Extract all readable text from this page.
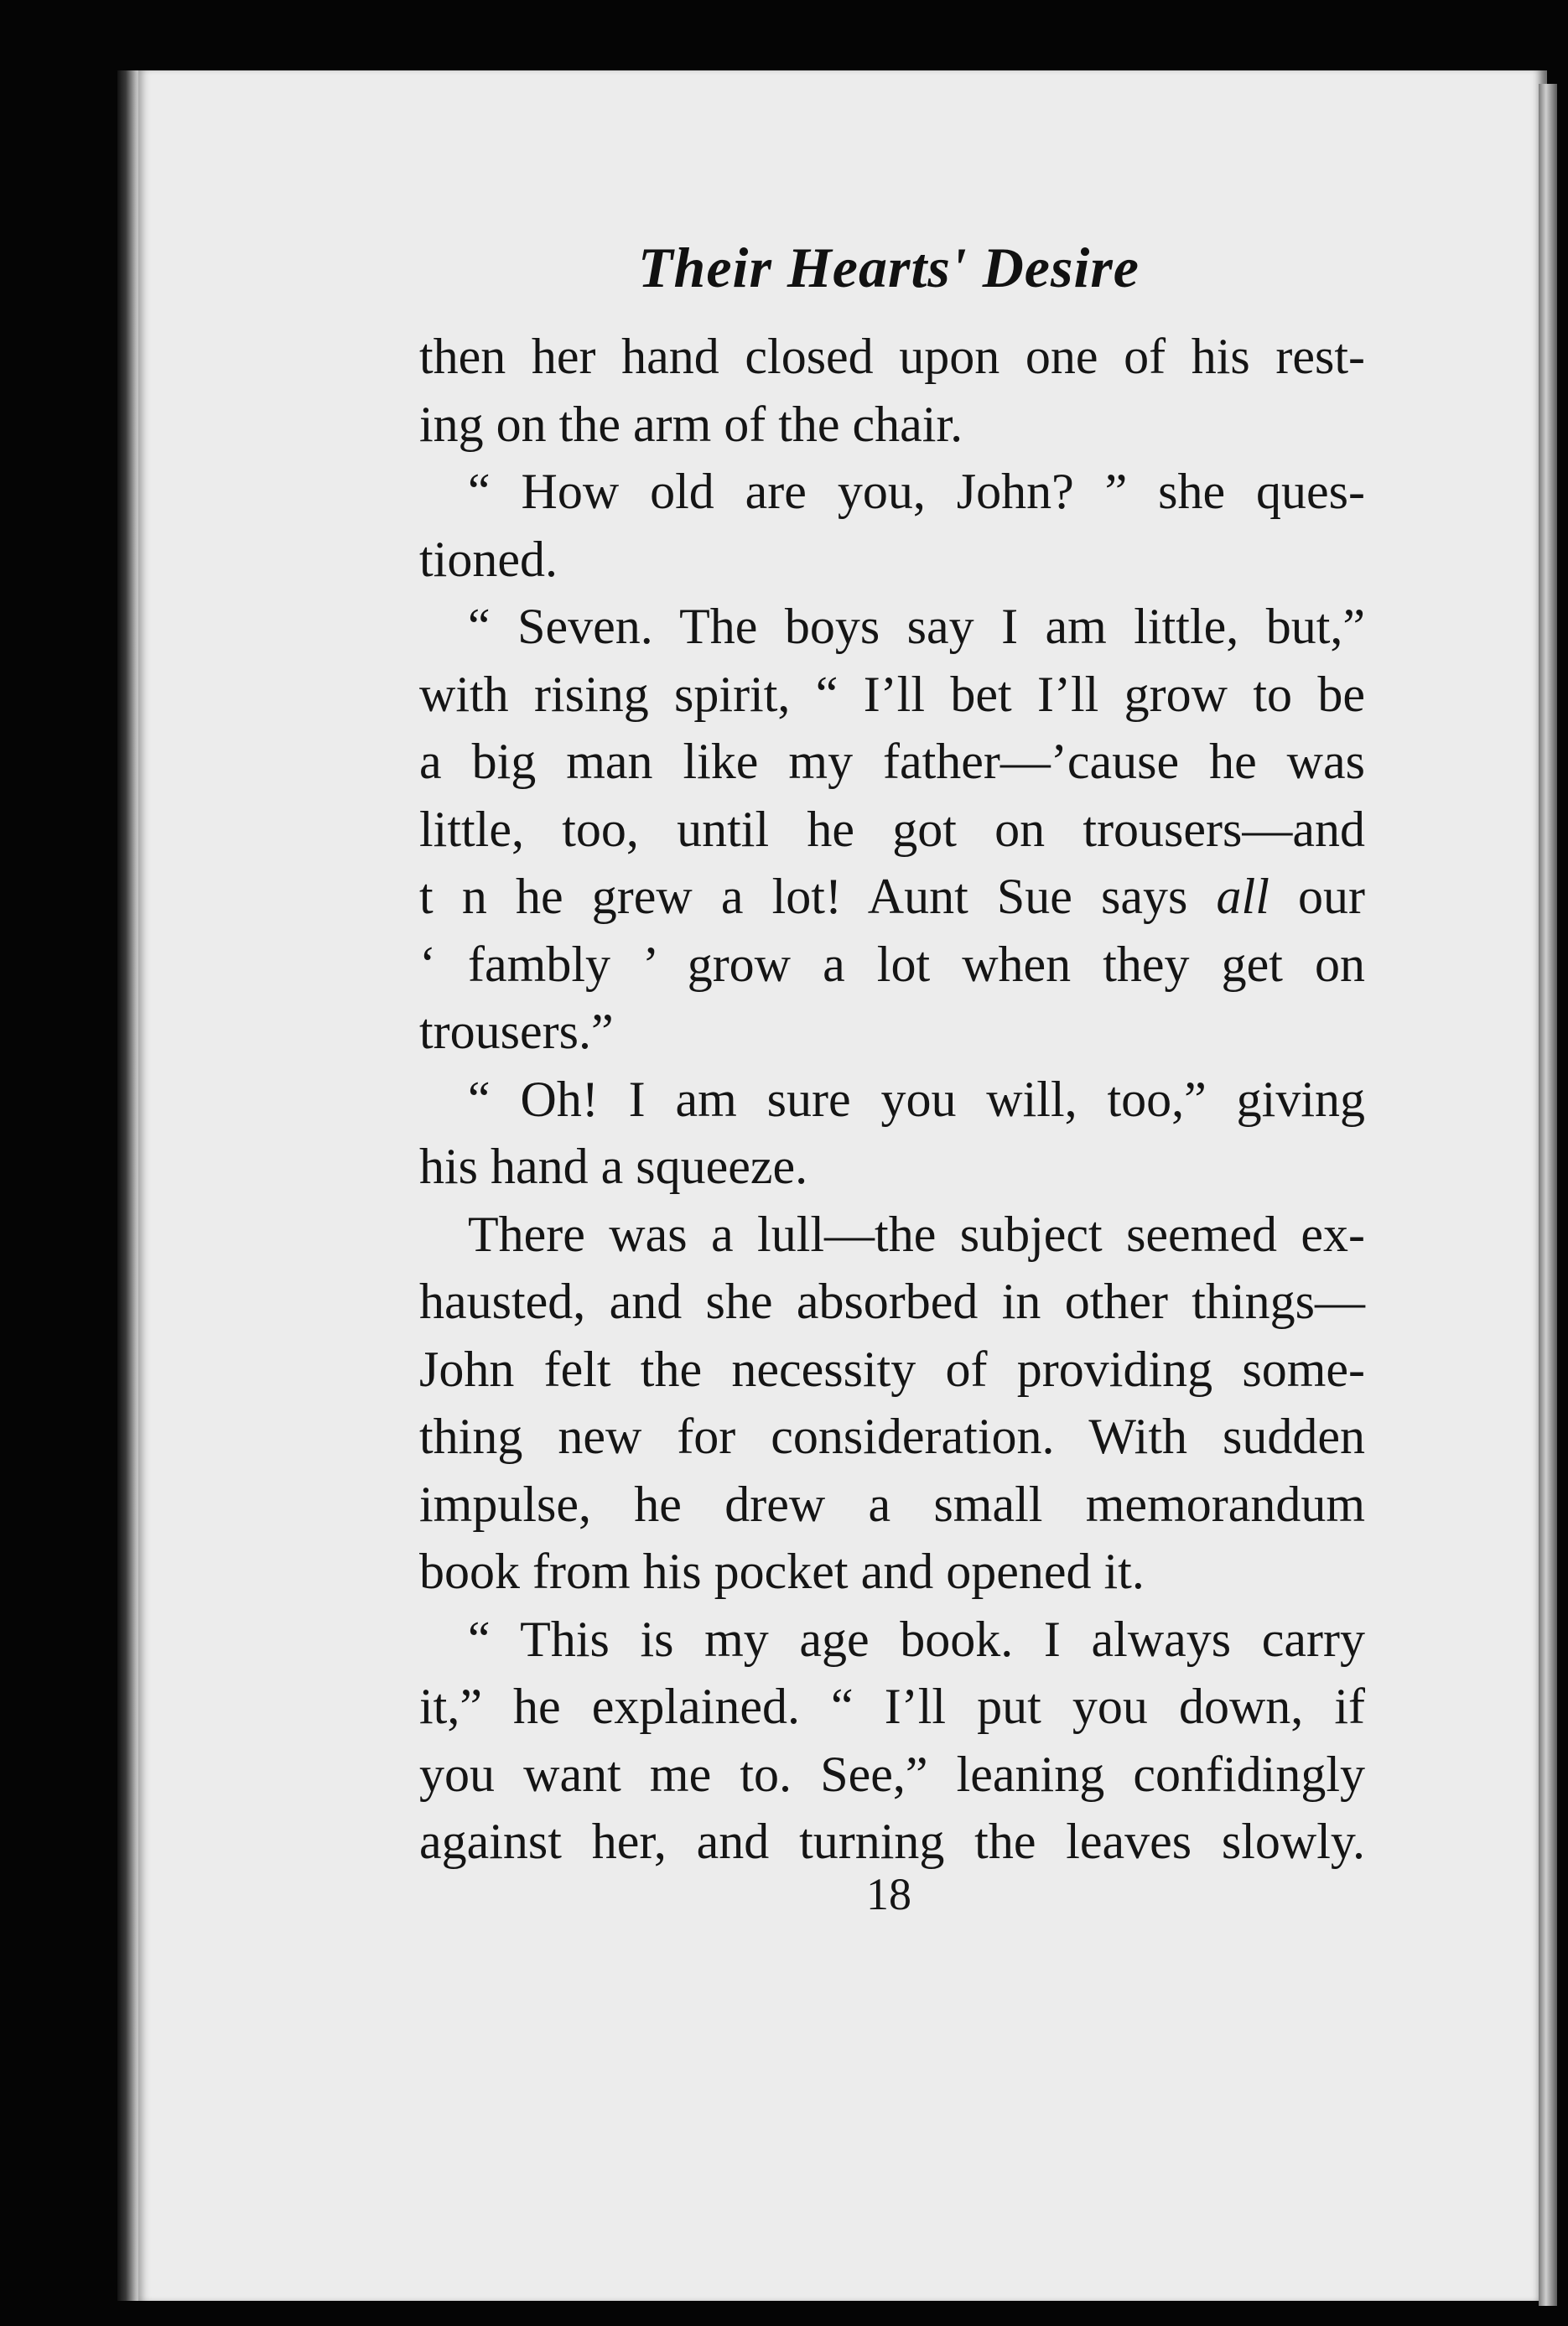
Their Hearts' Desire
then her hand closed upon one of his rest-
ing on the arm of the chair.
“ How old are you, John? ” she ques-
tioned.
“ Seven. The boys say I am little, but,”
with rising spirit, “ I’ll bet I’ll grow to be
a big man like my father—’cause he was
little, too, until he got on trousers—and
t n he grew a lot! Aunt Sue says all our
‘ fambly ’ grow a lot when they get on
trousers.”
“ Oh! I am sure you will, too,” giving
his hand a squeeze.
There was a lull—the subject seemed ex-
hausted, and she absorbed in other things—
John felt the necessity of providing some-
thing new for consideration. With sudden
impulse, he drew a small memorandum
book from his pocket and opened it.
“ This is my age book. I always carry
it,” he explained. “ I’ll put you down, if
you want me to. See,” leaning confidingly
against her, and turning the leaves slowly.

18
